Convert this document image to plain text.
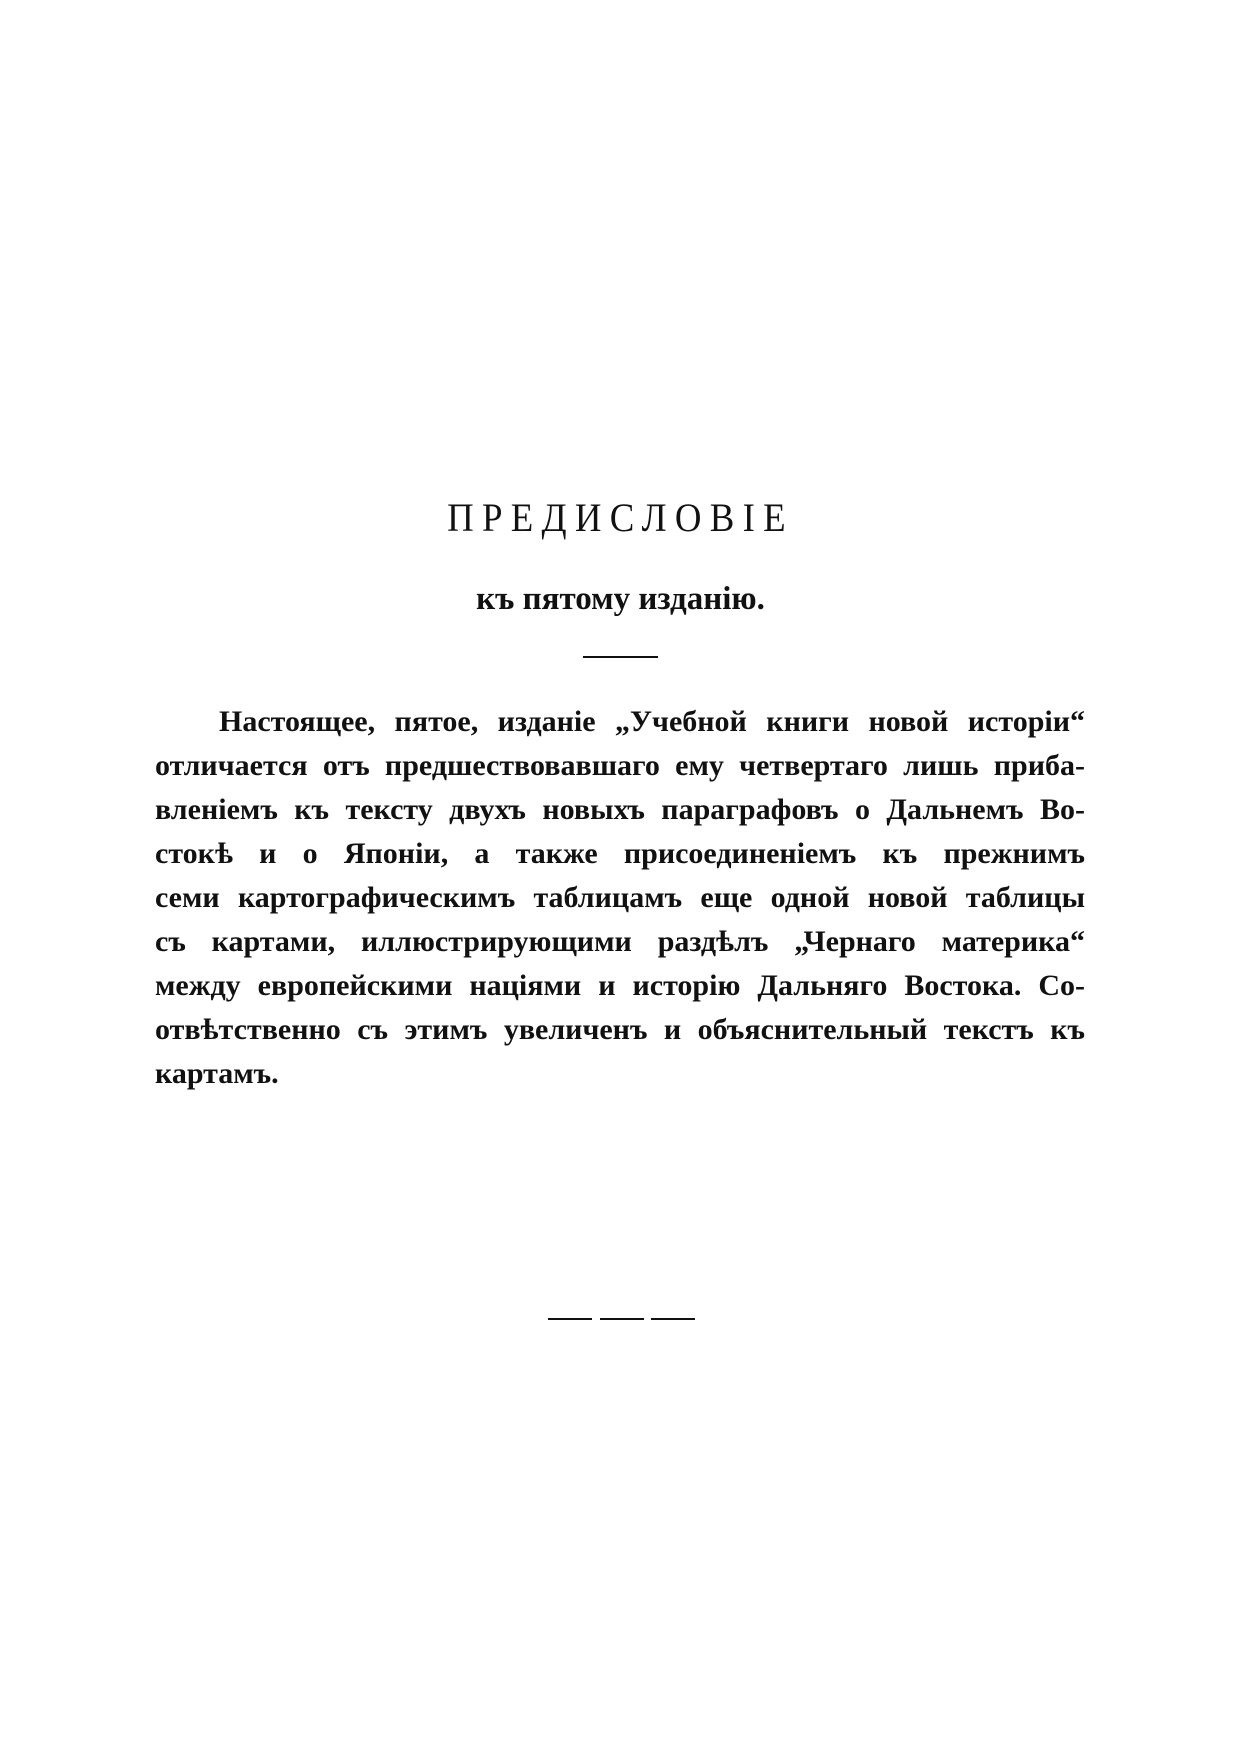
ПРЕДИСЛОВІЕ
къ пятому изданію.
Настоящее, пятое, изданіе „Учебной книги новой исторіи“
отличается отъ предшествовавшаго ему четвертаго лишь приба-
вленіемъ къ тексту двухъ новыхъ параграфовъ о Дальнемъ Во-
стокѣ и о Японіи, а также присоединеніемъ къ прежнимъ
семи картографическимъ таблицамъ еще одной новой таблицы
съ картами, иллюстрирующими раздѣлъ „Чернаго материка“
между европейскими націями и исторію Дальняго Востока. Со-
отвѣтственно съ этимъ увеличенъ и объяснительный текстъ къ
картамъ.
